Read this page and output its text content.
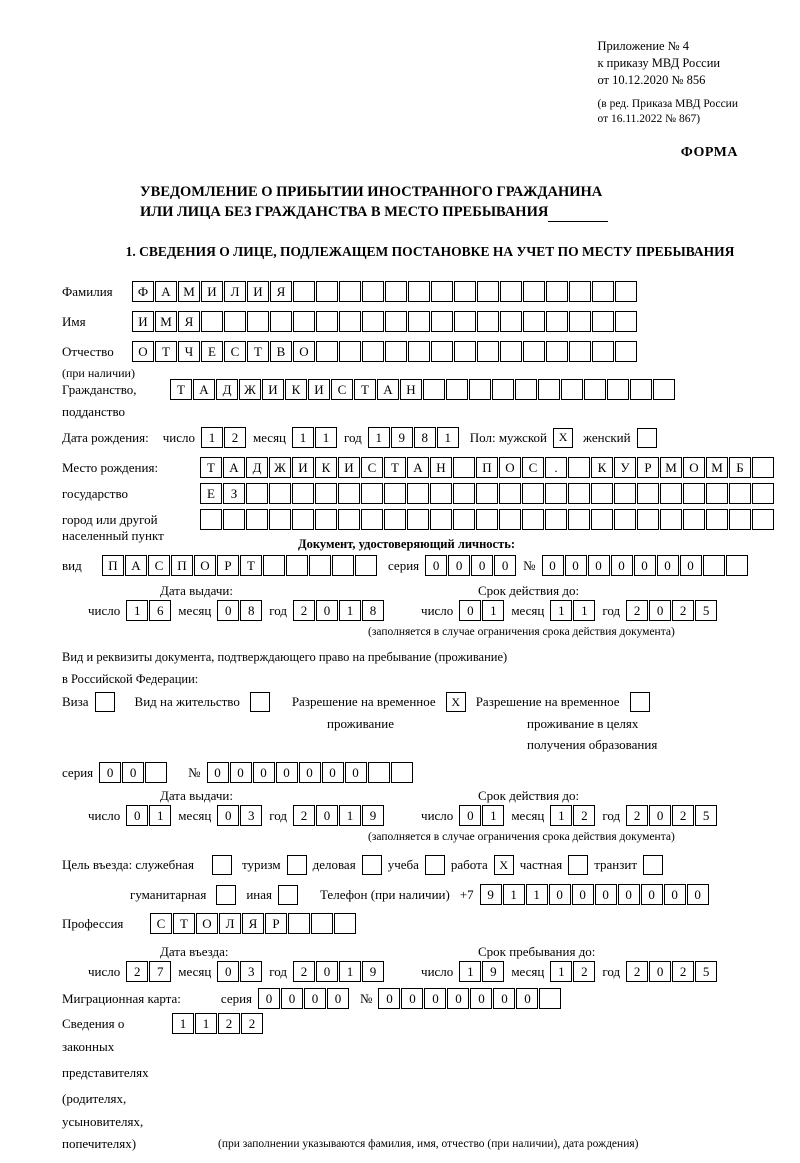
Приложение № 4
к приказу МВД России
от 10.12.2020 № 856
(в ред. Приказа МВД России
от 16.11.2022 № 867)
ФОРМА
УВЕДОМЛЕНИЕ О ПРИБЫТИИ ИНОСТРАННОГО ГРАЖДАНИНА
ИЛИ ЛИЦА БЕЗ ГРАЖДАНСТВА В МЕСТО ПРЕБЫВАНИЯ
1. СВЕДЕНИЯ О ЛИЦЕ, ПОДЛЕЖАЩЕМ ПОСТАНОВКЕ НА УЧЕТ ПО МЕСТУ ПРЕБЫВАНИЯ
Фамилия	Ф	А М И	Л	И	Я
Имя	И М Я
Отчество	О	Т	Ч	Е	С	Т	В	О
(при наличии)
Гражданство,	Т	А	Д Ж И	К	И	С	Т	А	Н
подданство
Дата рождения: число	1	2	месяц	1	1	год	1	9	8	1	Пол: мужской X	женский
Место рождения:	Т	А	Д Ж И	К	И	С	Т	А	Н	П	О	С	.	К	У	Р	М О М	Б
государство	Е	З
город или другой
населенный пункт
Документ, удостоверяющий личность:
вид	П	А	С	П	О	Р	Т	серия	0	0	0	0	№	0	0	0	0	0	0	0
Дата выдачи:	Срок действия до:
число	1	6	месяц	0	8	год	2	0	1	8	число	0	1	месяц	1	1	год	2	0	2	5
(заполняется в случае ограничения срока действия документа)
Вид и реквизиты документа, подтверждающего право на пребывание (проживание)
в Российской Федерации:
Виза	Вид на жительство	Разрешение на временное	X	Разрешение на временное
проживание	проживание в целях
получения образования
серия	0	0	№	0	0	0	0	0	0	0
Дата выдачи:	Срок действия до:
число	0	1	месяц	0	3	год	2	0	1	9	число	0	1	месяц	1	2	год	2	0	2	5
(заполняется в случае ограничения срока действия документа)
Цель въезда: служебная	туризм деловая учеба работа X частная транзит
гуманитарная	иная	Телефон (при наличии) +7	9	1	1	0	0	0	0	0	0	0
Профессия	С	Т	О	Л	Я	Р
Дата въезда:	Срок пребывания до:
число	2	7	месяц	0	3	год	2	0	1	9	число	1	9	месяц	1	2	год	2	0	2	5
Миграционная карта:	серия	0	0	0	0	№	0	0	0	0	0	0	0
Сведения о	1	1	2	2
законных
представителях
(родителях,
усыновителях,
попечителях)	(при заполнении указываются фамилия, имя, отчество (при наличии), дата рождения)
